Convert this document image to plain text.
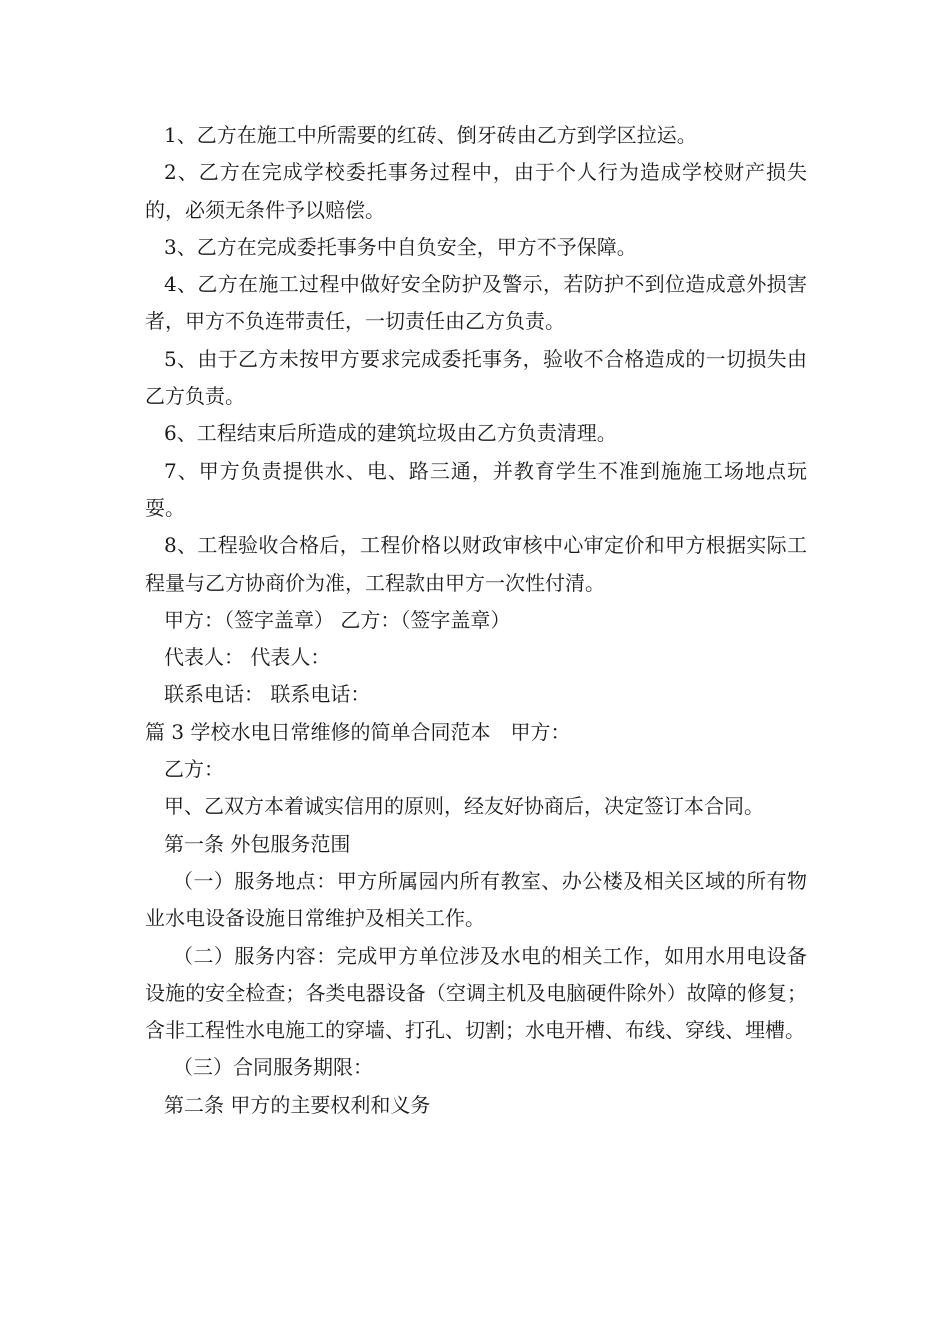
1、乙方在施工中所需要的红砖、倒牙砖由乙方到学区拉运。

2、乙方在完成学校委托事务过程中，由于个人行为造成学校财产损失的，必须无条件予以赔偿。

3、乙方在完成委托事务中自负安全，甲方不予保障。

4、乙方在施工过程中做好安全防护及警示，若防护不到位造成意外损害者，甲方不负连带责任，一切责任由乙方负责。

5、由于乙方未按甲方要求完成委托事务，验收不合格造成的一切损失由乙方负责。

6、工程结束后所造成的建筑垃圾由乙方负责清理。

7、甲方负责提供水、电、路三通，并教育学生不准到施施工场地点玩耍。

8、工程验收合格后，工程价格以财政审核中心审定价和甲方根据实际工程量与乙方协商价为准，工程款由甲方一次性付清。

甲方：（签字盖章） 乙方：（签字盖章）

代表人： 代表人：

联系电话： 联系电话：

篇 3 学校水电日常维修的简单合同范本　甲方：

乙方：

甲、乙双方本着诚实信用的原则，经友好协商后，决定签订本合同。

第一条 外包服务范围

（一）服务地点：甲方所属园内所有教室、办公楼及相关区域的所有物业水电设备设施日常维护及相关工作。

（二）服务内容：完成甲方单位涉及水电的相关工作，如用水用电设备设施的安全检查；各类电器设备（空调主机及电脑硬件除外）故障的修复；含非工程性水电施工的穿墙、打孔、切割；水电开槽、布线、穿线、埋槽。

（三）合同服务期限：

第二条 甲方的主要权利和义务
